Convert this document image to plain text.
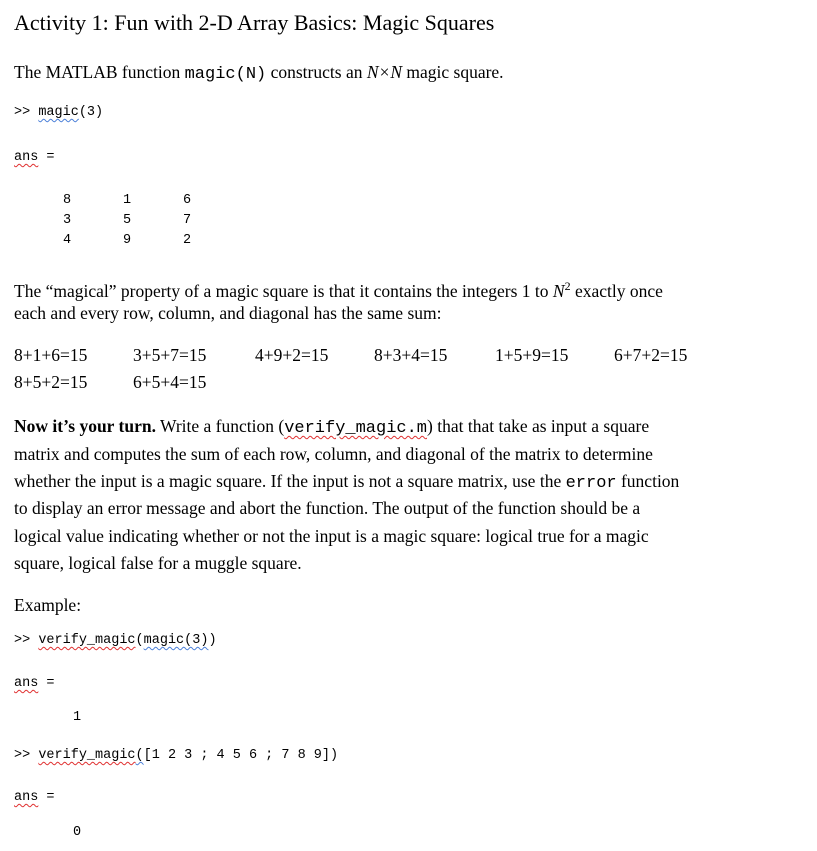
Activity 1: Fun with 2-D Array Basics: Magic Squares
The MATLAB function magic(N) constructs an N×N magic square.
>> magic(3)
ans =
8	1	6
3	5	7
4	9	2
The “magical” property of a magic square is that it contains the integers 1 to $N^2$ exactly once
each and every row, column, and diagonal has the same sum:
8+1+6=15	3+5+7=15	4+9+2=15	8+3+4=15	1+5+9=15	6+7+2=15
8+5+2=15	6+5+4=15
Now it’s your turn. Write a function (verify_magic.m) that that take as input a square
matrix and computes the sum of each row, column, and diagonal of the matrix to determine
whether the input is a magic square. If the input is not a square matrix, use the error function
to display an error message and abort the function. The output of the function should be a
logical value indicating whether or not the input is a magic square: logical true for a magic
square, logical false for a muggle square.
Example:
>> verify_magic(magic(3))
ans =
1
>> verify_magic([1 2 3 ; 4 5 6 ; 7 8 9])
ans =
0
